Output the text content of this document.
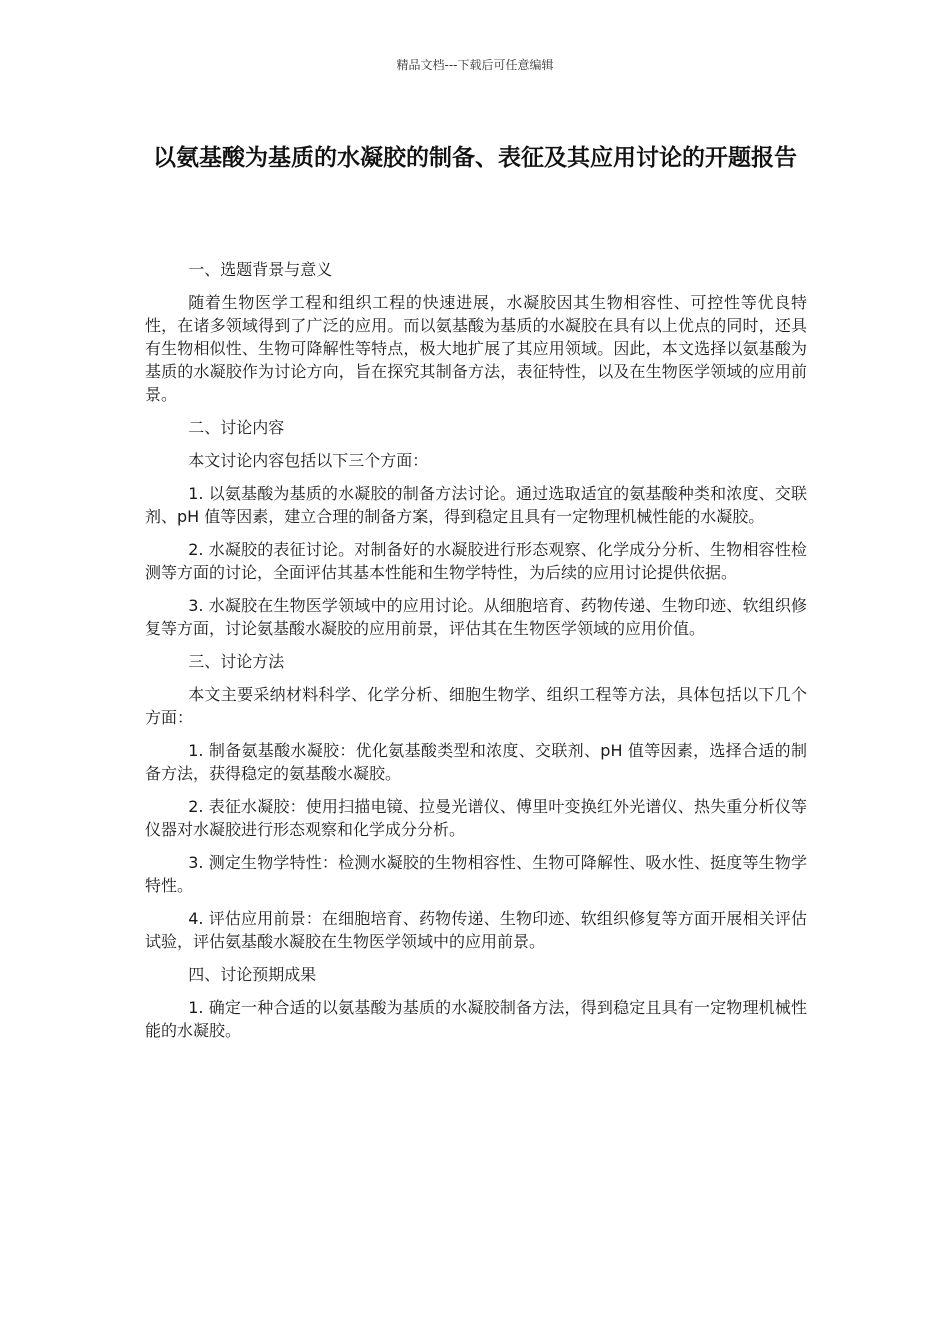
精品文档---下载后可任意编辑
以氨基酸为基质的水凝胶的制备、表征及其应用讨论的开题报告

一、选题背景与意义

随着生物医学工程和组织工程的快速进展，水凝胶因其生物相容性、可控性等优良特性，在诸多领域得到了广泛的应用。而以氨基酸为基质的水凝胶在具有以上优点的同时，还具有生物相似性、生物可降解性等特点，极大地扩展了其应用领域。因此，本文选择以氨基酸为基质的水凝胶作为讨论方向，旨在探究其制备方法，表征特性，以及在生物医学领域的应用前景。

二、讨论内容

本文讨论内容包括以下三个方面：

1. 以氨基酸为基质的水凝胶的制备方法讨论。通过选取适宜的氨基酸种类和浓度、交联剂、pH 值等因素，建立合理的制备方案，得到稳定且具有一定物理机械性能的水凝胶。

2. 水凝胶的表征讨论。对制备好的水凝胶进行形态观察、化学成分分析、生物相容性检测等方面的讨论，全面评估其基本性能和生物学特性，为后续的应用讨论提供依据。

3. 水凝胶在生物医学领域中的应用讨论。从细胞培育、药物传递、生物印迹、软组织修复等方面，讨论氨基酸水凝胶的应用前景，评估其在生物医学领域的应用价值。

三、讨论方法

本文主要采纳材料科学、化学分析、细胞生物学、组织工程等方法，具体包括以下几个方面：

1. 制备氨基酸水凝胶：优化氨基酸类型和浓度、交联剂、pH 值等因素，选择合适的制备方法，获得稳定的氨基酸水凝胶。

2. 表征水凝胶：使用扫描电镜、拉曼光谱仪、傅里叶变换红外光谱仪、热失重分析仪等仪器对水凝胶进行形态观察和化学成分分析。

3. 测定生物学特性：检测水凝胶的生物相容性、生物可降解性、吸水性、挺度等生物学特性。

4. 评估应用前景：在细胞培育、药物传递、生物印迹、软组织修复等方面开展相关评估试验，评估氨基酸水凝胶在生物医学领域中的应用前景。

四、讨论预期成果

1. 确定一种合适的以氨基酸为基质的水凝胶制备方法，得到稳定且具有一定物理机械性能的水凝胶。
